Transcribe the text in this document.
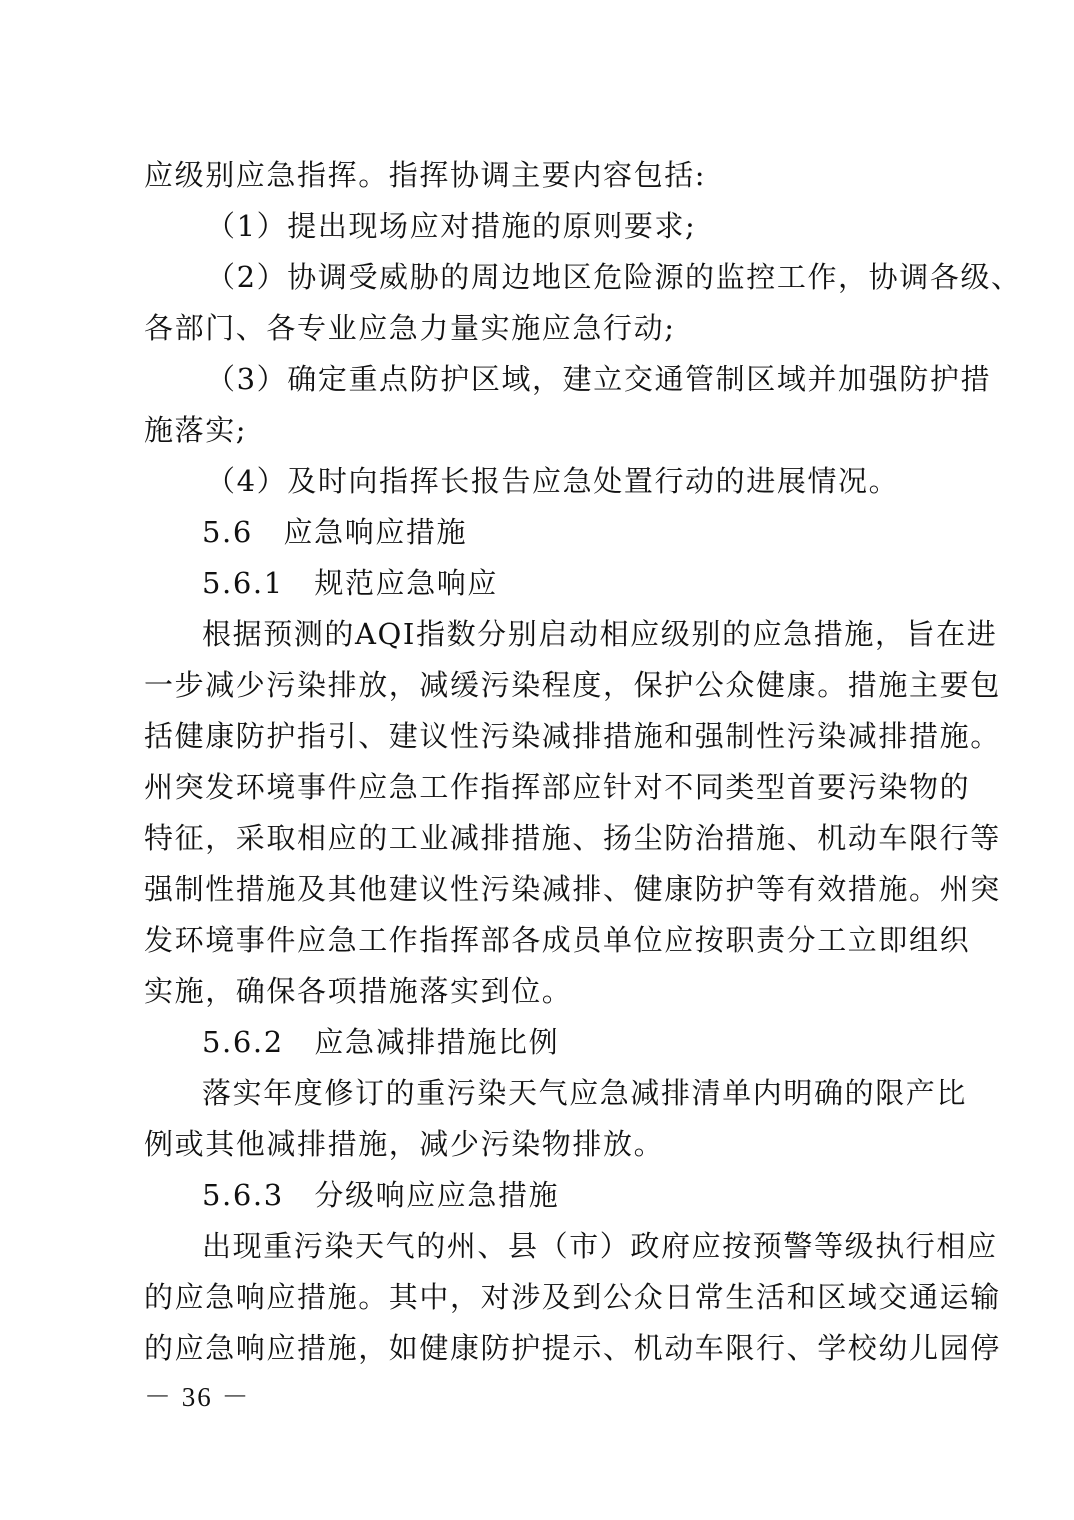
应级别应急指挥。指挥协调主要内容包括:
（1）提出现场应对措施的原则要求;
（2）协调受威胁的周边地区危险源的监控工作，协调各级、
各部门、各专业应急力量实施应急行动;
（3）确定重点防护区域，建立交通管制区域并加强防护措
施落实;
（4）及时向指挥长报告应急处置行动的进展情况。
5.6　应急响应措施
5.6.1　规范应急响应
根据预测的AQI指数分别启动相应级别的应急措施，旨在进
一步减少污染排放，减缓污染程度，保护公众健康。措施主要包
括健康防护指引、建议性污染减排措施和强制性污染减排措施。
州突发环境事件应急工作指挥部应针对不同类型首要污染物的
特征，采取相应的工业减排措施、扬尘防治措施、机动车限行等
强制性措施及其他建议性污染减排、健康防护等有效措施。州突
发环境事件应急工作指挥部各成员单位应按职责分工立即组织
实施，确保各项措施落实到位。
5.6.2　应急减排措施比例
落实年度修订的重污染天气应急减排清单内明确的限产比
例或其他减排措施，减少污染物排放。
5.6.3　分级响应应急措施
出现重污染天气的州、县（市）政府应按预警等级执行相应
的应急响应措施。其中，对涉及到公众日常生活和区域交通运输
的应急响应措施，如健康防护提示、机动车限行、学校幼儿园停
－ 36 －
